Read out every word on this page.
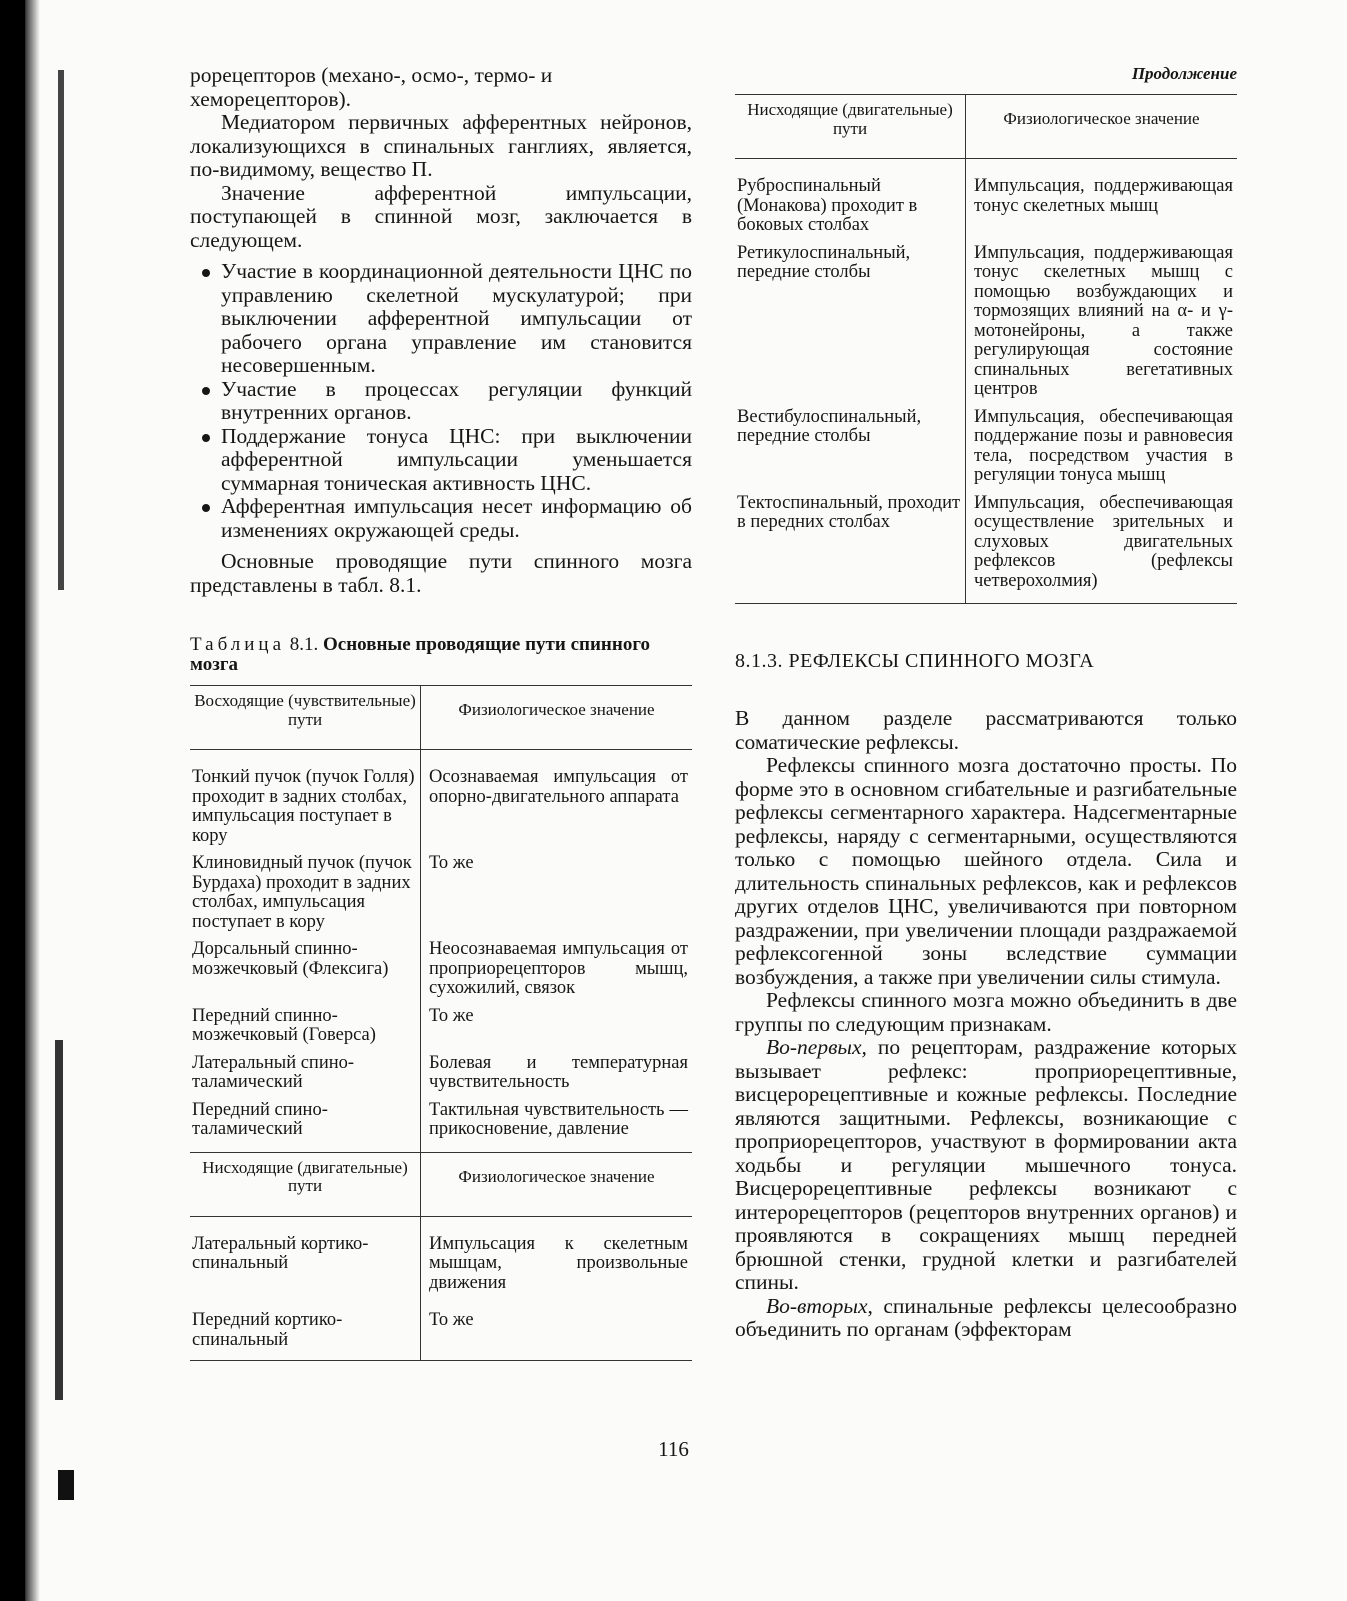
рорецепторов (механо-, осмо-, термо- и хеморецепторов).

Медиатором первичных афферентных нейронов, локализующихся в спинальных ганглиях, является, по-видимому, вещество П.

Значение афферентной импульсации, поступающей в спинной мозг, заключается в следующем.

Участие в координационной деятельности ЦНС по управлению скелетной мускулатурой; при выключении афферентной импульсации от рабочего органа управление им становится несовершенным.
Участие в процессах регуляции функций внутренних органов.
Поддержание тонуса ЦНС: при выключении афферентной импульсации уменьшается суммарная тоническая активность ЦНС.
Афферентная импульсация несет информацию об изменениях окружающей среды.

Основные проводящие пути спинного мозга представлены в табл. 8.1.

Таблица 8.1. Основные проводящие пути спинного мозга
Восходящие (чувствительные) пути	Физиологическое значение
Тонкий пучок (пучок Голля) проходит в задних столбах, импульсация поступает в кору	Осознаваемая импульсация от опорно-двигательного аппарата
Клиновидный пучок (пучок Бурдаха) проходит в задних столбах, импульсация поступает в кору	То же
Дорсальный спинно-мозжечковый (Флексига)	Неосознаваемая импульсация от проприорецепторов мышц, сухожилий, связок
Передний спинно-мозжечковый (Говерса)	То же
Латеральный спино-таламический	Болевая и температурная чувствительность
Передний спино-таламический	Тактильная чувствительность — прикосновение, давление
Нисходящие (двигательные) пути	Физиологическое значение
Латеральный кортико-спинальный	Импульсация к скелетным мышцам, произвольные движения
Передний кортико-спинальный	То же
Продолжение
Нисходящие (двигательные) пути	Физиологическое значение
Руброспинальный (Монакова) проходит в боковых столбах	Импульсация, поддерживающая тонус скелетных мышц
Ретикулоспинальный, передние столбы	Импульсация, поддерживающая тонус скелетных мышц с помощью возбуждающих и тормозящих влияний на α- и γ-мотонейроны, а также регулирующая состояние спинальных вегетативных центров
Вестибулоспинальный, передние столбы	Импульсация, обеспечивающая поддержание позы и равновесия тела, посредством участия в регуляции тонуса мышц
Тектоспинальный, проходит в передних столбах	Импульсация, обеспечивающая осуществление зрительных и слуховых двигательных рефлексов (рефлексы четверохолмия)
8.1.3. РЕФЛЕКСЫ СПИННОГО МОЗГА

В данном разделе рассматриваются только соматические рефлексы.

Рефлексы спинного мозга достаточно просты. По форме это в основном сгибательные и разгибательные рефлексы сегментарного характера. Надсегментарные рефлексы, наряду с сегментарными, осуществляются только с помощью шейного отдела. Сила и длительность спинальных рефлексов, как и рефлексов других отделов ЦНС, увеличиваются при повторном раздражении, при увеличении площади раздражаемой рефлексогенной зоны вследствие суммации возбуждения, а также при увеличении силы стимула.

Рефлексы спинного мозга можно объединить в две группы по следующим признакам.

Во-первых, по рецепторам, раздражение которых вызывает рефлекс: проприорецептивные, висцерорецептивные и кожные рефлексы. Последние являются защитными. Рефлексы, возникающие с проприорецепторов, участвуют в формировании акта ходьбы и регуляции мышечного тонуса. Висцерорецептивные рефлексы возникают с интерорецепторов (рецепторов внутренних органов) и проявляются в сокращениях мышц передней брюшной стенки, грудной клетки и разгибателей спины.

Во-вторых, спинальные рефлексы целесообразно объединить по органам (эффекторам

116
